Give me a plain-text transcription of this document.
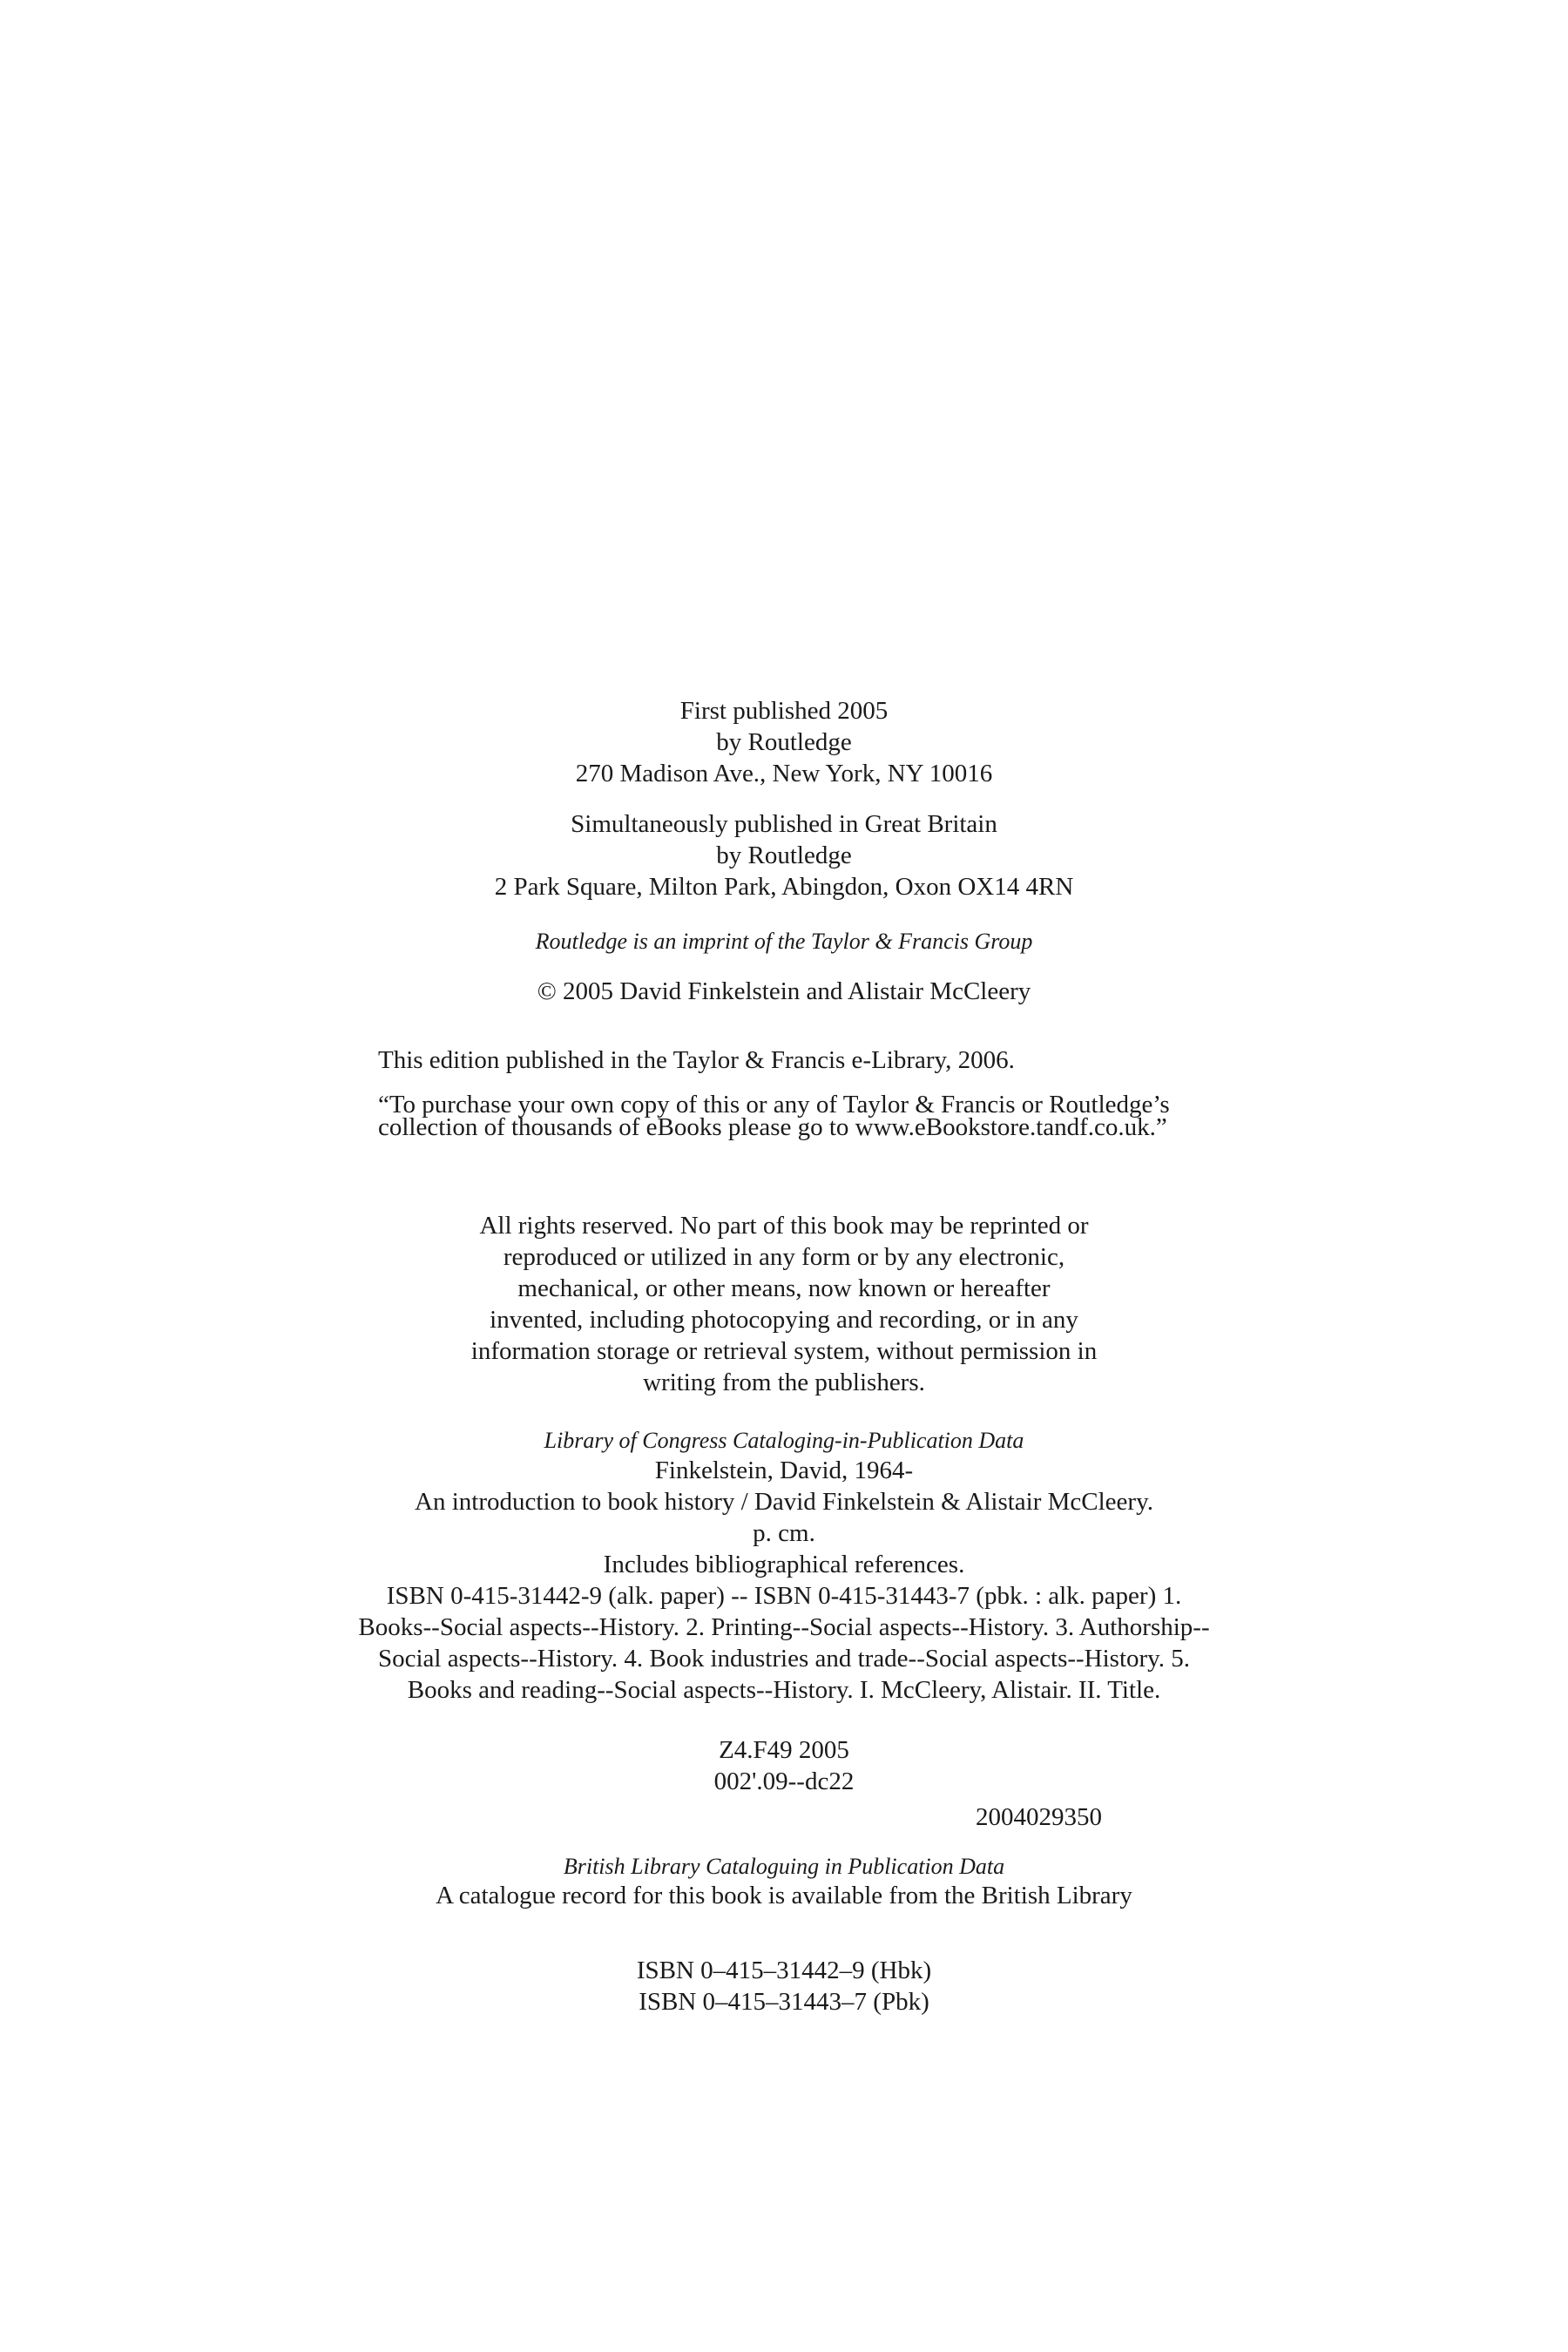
First published 2005
by Routledge
270 Madison Ave., New York, NY 10016
Simultaneously published in Great Britain
by Routledge
2 Park Square, Milton Park, Abingdon, Oxon OX14 4RN
Routledge is an imprint of the Taylor & Francis Group
© 2005 David Finkelstein and Alistair McCleery
This edition published in the Taylor & Francis e-Library, 2006.
“To purchase your own copy of this or any of Taylor & Francis or Routledge’s
collection of thousands of eBooks please go to www.eBookstore.tandf.co.uk.”
All rights reserved. No part of this book may be reprinted or
reproduced or utilized in any form or by any electronic,
mechanical, or other means, now known or hereafter
invented, including photocopying and recording, or in any
information storage or retrieval system, without permission in
writing from the publishers.
Library of Congress Cataloging-in-Publication Data
Finkelstein, David, 1964-
An introduction to book history / David Finkelstein & Alistair McCleery.
p. cm.
Includes bibliographical references.
ISBN 0-415-31442-9 (alk. paper) -- ISBN 0-415-31443-7 (pbk. : alk. paper) 1.
Books--Social aspects--History. 2. Printing--Social aspects--History. 3. Authorship--
Social aspects--History. 4. Book industries and trade--Social aspects--History. 5.
Books and reading--Social aspects--History. I. McCleery, Alistair. II. Title.
Z4.F49 2005
002'.09--dc22
2004029350
British Library Cataloguing in Publication Data
A catalogue record for this book is available from the British Library
ISBN 0–415–31442–9 (Hbk)
ISBN 0–415–31443–7 (Pbk)
